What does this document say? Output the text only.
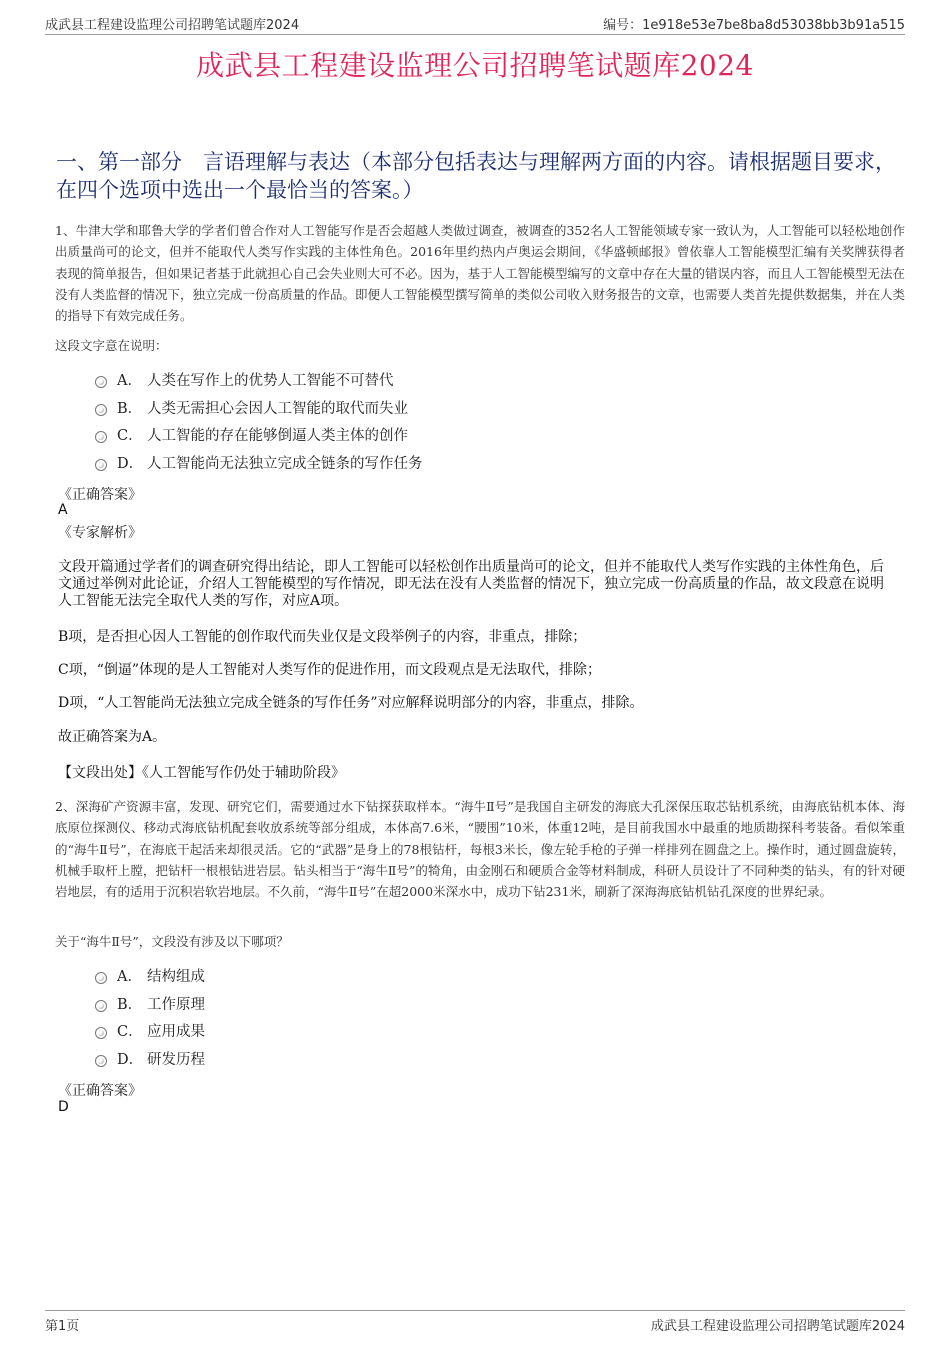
成武县工程建设监理公司招聘笔试题库2024	编号：1e918e53e7be8ba8d53038bb3b91a515
成武县工程建设监理公司招聘笔试题库2024
一、第一部分　言语理解与表达（本部分包括表达与理解两方面的内容。请根据题目要求，在四个选项中选出一个最恰当的答案。）
1、牛津大学和耶鲁大学的学者们曾合作对人工智能写作是否会超越人类做过调查，被调查的352名人工智能领域专家一致认为，人工智能可以轻松地创作出质量尚可的论文，但并不能取代人类写作实践的主体性角色。2016年里约热内卢奥运会期间，《华盛顿邮报》曾依靠人工智能模型汇编有关奖牌获得者表现的简单报告，但如果记者基于此就担心自己会失业则大可不必。因为，基于人工智能模型编写的文章中存在大量的错误内容，而且人工智能模型无法在没有人类监督的情况下，独立完成一份高质量的作品。即便人工智能模型撰写简单的类似公司收入财务报告的文章，也需要人类首先提供数据集，并在人类的指导下有效完成任务。
这段文字意在说明：
A． 人类在写作上的优势人工智能不可替代
B． 人类无需担心会因人工智能的取代而失业
C． 人工智能的存在能够倒逼人类主体的创作
D． 人工智能尚无法独立完成全链条的写作任务
《正确答案》
A
《专家解析》
文段开篇通过学者们的调查研究得出结论，即人工智能可以轻松创作出质量尚可的论文，但并不能取代人类写作实践的主体性角色，后文通过举例对此论证，介绍人工智能模型的写作情况，即无法在没有人类监督的情况下，独立完成一份高质量的作品，故文段意在说明人工智能无法完全取代人类的写作，对应A项。
B项，是否担心因人工智能的创作取代而失业仅是文段举例子的内容，非重点，排除；
C项，“倒逼”体现的是人工智能对人类写作的促进作用，而文段观点是无法取代，排除；
D项，“人工智能尚无法独立完成全链条的写作任务”对应解释说明部分的内容，非重点，排除。
故正确答案为A。
【文段出处】《人工智能写作仍处于辅助阶段》
2、深海矿产资源丰富，发现、研究它们，需要通过水下钻探获取样本。“海牛Ⅱ号”是我国自主研发的海底大孔深保压取芯钻机系统，由海底钻机本体、海底原位探测仪、移动式海底钻机配套收放系统等部分组成，本体高7.6米，“腰围”10米，体重12吨，是目前我国水中最重的地质勘探科考装备。看似笨重的“海牛Ⅱ号”，在海底干起活来却很灵活。它的“武器”是身上的78根钻杆，每根3米长，像左轮手枪的子弹一样排列在圆盘之上。操作时，通过圆盘旋转，机械手取杆上膛，把钻杆一根根钻进岩层。钻头相当于“海牛Ⅱ号”的犄角，由金刚石和硬质合金等材料制成，科研人员设计了不同种类的钻头，有的针对硬岩地层，有的适用于沉积岩软岩地层。不久前，“海牛Ⅱ号”在超2000米深水中，成功下钻231米，刷新了深海海底钻机钻孔深度的世界纪录。
关于“海牛Ⅱ号”，文段没有涉及以下哪项？
A． 结构组成
B． 工作原理
C． 应用成果
D． 研发历程
《正确答案》
D
第1页	成武县工程建设监理公司招聘笔试题库2024
